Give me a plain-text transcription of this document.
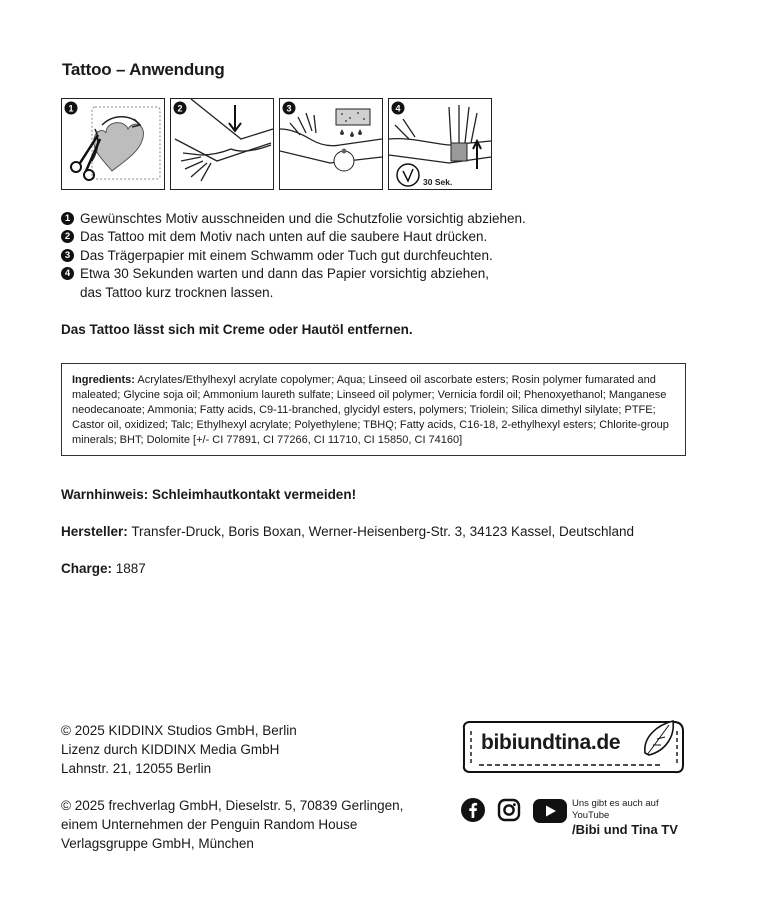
Tattoo – Anwendung
1	2	3	4
30 Sek.
1 Gewünschtes Motiv ausschneiden und die Schutzfolie vorsichtig abziehen.
2 Das Tattoo mit dem Motiv nach unten auf die saubere Haut drücken.
3 Das Trägerpapier mit einem Schwamm oder Tuch gut durchfeuchten.
4 Etwa 30 Sekunden warten und dann das Papier vorsichtig abziehen,
das Tattoo kurz trocknen lassen.
Das Tattoo lässt sich mit Creme oder Hautöl entfernen.
Ingredients: Acrylates/Ethylhexyl acrylate copolymer; Aqua; Linseed oil ascorbate esters; Rosin polymer fumarated and maleated; Glycine soja oil; Ammonium laureth sulfate; Linseed oil polymer; Vernicia fordil oil; Phenoxyethanol; Manganese neodecanoate; Ammonia; Fatty acids, C9-11-branched, glycidyl esters, polymers; Triolein; Silica dimethyl silylate; PTFE; Castor oil, oxidized; Talc; Ethylhexyl acrylate; Polyethylene; TBHQ; Fatty acids, C16-18, 2-ethylhexyl esters; Chlorite-group minerals; BHT; Dolomite [+/- CI 77891, CI 77266, CI 11710, CI 15850, CI 74160]
Warnhinweis: Schleimhautkontakt vermeiden!
Hersteller: Transfer-Druck, Boris Boxan, Werner-Heisenberg-Str. 3, 34123 Kassel, Deutschland
Charge: 1887
© 2025 KIDDINX Studios GmbH, Berlin
Lizenz durch KIDDINX Media GmbH
Lahnstr. 21, 12055 Berlin
© 2025 frechverlag GmbH, Dieselstr. 5, 70839 Gerlingen,
einem Unternehmen der Penguin Random House
Verlagsgruppe GmbH, München
bibiundtina.de
Uns gibt es auch auf YouTube
/Bibi und Tina TV
